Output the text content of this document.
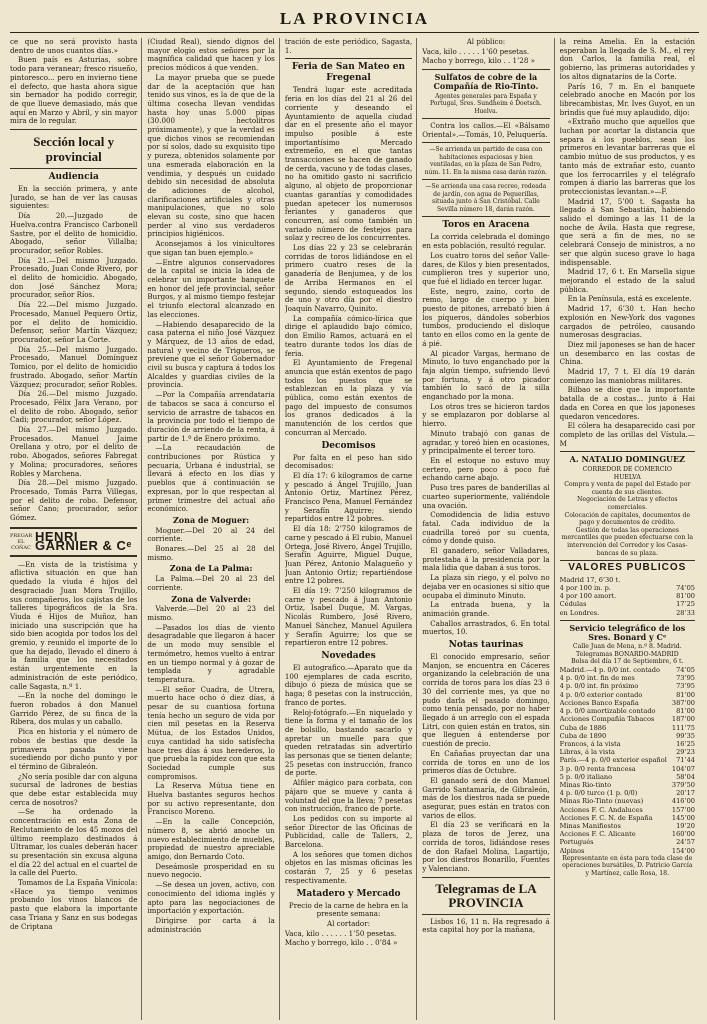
LA PROVINCIA

ce que no será provisto hasta dentro de unos cuantos días.»

Buen país es Asturias, sobre todo para veranear; fresco risueño, pintoresco... pero en invierno tiene el defecto, que hasta ahora sigue sin bernador ha podido corregir, de que llueve demasiado, más que aquí en Marzo y Abril, y sin mayor mira de lo regular.

Sección local y provincial
Audiencia

En la sección primera, y ante Jurado, se han de ver las causas siguientes:

Día 20.—Juzgado de Huelva.contra Francisco Carbonell Sastre, por el delito de homicidio. Abogado, señor Villalba; procurador, señor Robles.

Día 21.—Del mismo Juzgado. Procesado, Juan Conde Rivero, por el delito de homicidio. Abogado, don José Sánchez Mora; procurador, señor Ríos.

Día 22.—Del mismo Juzgado. Procesado, Manuel Pequero Ortiz, por el delito de homicidio. Defensor, señor Martín Vázquez; procurador, señor La Corte.

Día 25.—Del mismo Juzgado. Procesado, Manuel Domínguez Tomico, por el delito de homicidio frustrado. Abogado, señor Martín Vázquez; procurador, señor Robles.

Día 26.—Del mismo Juzgado. Procesado, Félix Jara Verano, por el delito de robo. Abogado, señor Cadi; procurador, señor López.

Día 27.—Del mismo Juzgado. Procesados. Manuel Jaime Orellana y otro, por el delito de robo. Abogados, señores Fabregat y Molina; procuradores, señores Robles y Marchena.

Día 28.—Del mismo Juzgado. Procesado, Tomás Parra Villegas, por el delito de robo. Defensor, señor Cano; procurador, señor Gómez.

PREGAR EL COÑAC
HENRI GARNIER & Cᵉ

—En vista de la tristísima y aflictiva situación en que han quedado la viuda é hijos del desgraciado Juan Mora Trujillo, sus compañeros, los cajistas de los talleres tipográficos de la Sra. Viuda é Hijos de Muñoz, han iniciado una suscripción que ha sido bien acogida por todos los del gremio, y reunido el importe de lo que ha dejado, llevado el dinero á la familia que los necesitados están urgentemente en la administración de este periódico, calle Sagasta, n.º 1.

—En la noche del domingo le fueron robados á don Manuel Garrido Pérez, de su finca de la Ribera, dos mulas y un caballo.

Pica en historia y el número de robos de bestias que desde la primavera pasada viene sucediendo por dicho punto y por el término de Gibraleón.

¿No sería posible dar con alguna sucursal de ladrones de bestias que debe estar establecida muy cerca de nosotros?

—Se ha ordenado la concentración en esta Zona de Reclutamiento de los 45 mozos del último reemplazo destinados á Ultramar, los cuales deberán hacer su presentación sin excusa alguna el día 22 del actual en el cuartel de la calle del Puerto.

Tomamos de La España Vinícola: «Hace ya tiempo venimos probando los vinos blancos de pasto que elabora la importante casa Triana y Sanz en sus bodegas de Criptana

(Ciudad Real), siendo dignos del mayor elogio estos señores por la magnífica calidad que hacen y los precios módicos á que venden.

La mayor prueba que se puede dar de la aceptación que han tenido sus vinos, es la de que de la última cosecha llevan vendidas hasta hoy unas 5.000 pipas (30.000 hectolitros próximamente), y que la verdad es que dichos vinos se recomiendan por sí solos, dado su exquisito tipo y pureza, obtenidos solamente por una esmerada elaboración en la vendimia, y después un cuidado debido sin necesidad de absoluta de adiciones de alcohol, clarificaciones artificiales y otras manipulaciones, que no solo elevan su coste, sino que hacen perder al vino sus verdaderos principios higiénicos.

Aconsejamos á los vinicultores que sigan tan buen ejemplo.»

—Entre algunos conservadores de la capital se inicia la idea de celebrar un importante banquete en honor del jefe provincial, señor Burgos, y al mismo tiempo festejar el triunfo electoral alcanzado en las elecciones.

—Habiendo desaparecido de la casa paterna el niño José Vázquez y Márquez, de 13 años de edad, natural y vecino de Trigueros, se previene que el señor Gobernador civil su busca y captura á todos los Alcaldes y guardias civiles de la provincia.

—Por la Compañía arrendataria de tabacos se saca á concurso el servicio de arrastre de tabacos en la provincia por todo el tiempo de duración de arriendo de la renta, á partir de 1.º de Enero próximo.

—La recaudación de contribuciones por Rústica y pecuaria, Urbana é industrial, se llevará á efecto en los días y pueblos que á continuación se expresan, por lo que respectan al primer trimestre del actual año económico.

Zona de Moguer:

Moguer.—Del 20 al 24 del corriente.

Bonares.—Del 25 al 28 del mismo.

Zona de La Palma:

La Palma.—Del 20 al 23 del corriente.

Zona de Valverde:

Valverde.—Del 20 al 23 del mismo.

—Pasados los días de viento desagradable que llegaron á hacer de un modo muy sensible el termómetro, hemos vuelto á entrar en un tiempo normal y á gozar de templada y agradable temperatura.

—El señor Cuadra, de Utrera, muerto hace ocho ó diez días, á pesar de su cuantiosa fortuna tenía hecho un seguro de vida por cien mil pesetas en la Reserva Mútua, de los Estados Unidos, cuya cantidad ha sido satisfecha hace tres días á sus herederos, lo que prueba la rapidez con que esta Sociedad cumple sus compromisos.

La Reserva Mútua tiene en Huelva bastantes seguros hechos por su activo representante, don Francisco Moreno.

—En la calle Concepción, número 8, se abrió anoche un nuevo establecimiento de muebles, propiedad de nuestro apreciable amigo, don Bernardo Coto.

Deseámosle prosperidad en su nuevo negocio.

—Se desea un joven, activo, con conocimiento del idioma inglés y apto para las negociaciones de importación y exportación.

Dirigirse por carta á la administración

tración de este periódico, Sagasta, 1.

Feria de San Mateo en Fregenal

Tendrá lugar este acreditada feria en los días del 21 al 26 del corriente y deseando el Ayuntamiento de aquella ciudad dar en el presente año el mayor impulso posible á este importantísimo Mercado extremeño, en el que tantas transacciones se hacen de ganado de cerda, vacuno y de todas clases, no ha omitido gasto ni sacrificio alguno, al objeto de proporcionar cuantas garantías y comodidades puedan apetecer los numerosos feriantes y ganaderos que concurren, así como también un variado número de festejos para solaz y recreo de los concurrentes.

Los días 22 y 23 se celebrarán corridas de toros lidiándose en el primero cuatro reses de la ganadería de Benjumea, y de los de Arriba Hermanos en el segundo, siendo estoqueados los de uno y otro día por el diestro Joaquín Navarro, Quinito.

La compañía cómico-lírica que dirige el aplaudido bajo cómico, don Emilio Ramos, actuará en el teatro durante todos los días de feria.

El Ayuntamiento de Fregenal anuncia que están exentos de pago todos los puestos que se establezcan en la plaza y vía pública, como están exentos de pago del impuesto de consumos los granos dedicados á la manutención de los cerdos que concurran al Mercado.

Decomisos

Por falta en el peso han sido decomisados:

El día 17: 6 kilogramos de carne y pescado á Ángel Trujillo, Juan Antonio Ortiz, Martínez Pérez, Francisco Pena, Manuel Fernández y Serafín Aguirre; siendo repartidos entre 12 pobres.

El día 18: 2’750 kilogramos de carne y pescado á El rubio, Manuel Ortega, José Rivero, Ángel Trujillo, Serafín Aguirre, Miguel Duque, Juan Pérez, Antonio Malagueño y Juan Antonio Ortiz; repartiéndose entre 12 pobres.

El día 19: 7’250 kilogramos de carne y pescado á Juan Antonio Ortiz, Isabel Duque, M. Vargas, Nicolás Rumbero, José Rivero, Manuel Sánchez, Manuel Aguilera y Serafín Aguirre; los que se repartieron entre 12 pobres.

Novedades

El autografico.—Aparato que da 100 ejemplares de cada escrito, dibujo ó pieza de música que se haga; 8 pesetas con la instrucción, franco de portes.

Reloj-fotógrafo.—En niquelado y tiene la forma y el tamaño de los de bolsillo, bastando sacarlo y apretar un muelle para que queden retratadas sin advertirlo las personas que se tienen delante; 25 pesetas con instrucción, franco de porte.

Alfiler mágico para corbata, con pájaro que se mueve y canta á voluntad del que la lleva; 7 pesetas con instrucción, franco de porte.

Los pedidos con su importe al señor Director de las Oficinas de Publicidad, calle de Tallers, 2, Barcelona.

A los señores que tomen dichos objetos en las mismas oficinas les costarán 7, 25 y 6 pesetas respectivamente.

Matadero y Mercado

Precio de la carne de hebra en la presente semana:

Al cortador:

Vaca, kilo . . . . . . 1’50 pesetas.

Macho y borrego, kilo . . 0’84 »

Al público:

Vaca, kilo . . . . . 1’60 pesetas.

Macho y borrego, kilo . . 1’28 »

Sulfatos de cobre de la Compañía de Rio-Tinto.
Agentes generales para España y Portugal, Sres. Sundheim é Doetsch. Huelva.

Contra los callos.—El «Bálsamo Oriental».—Tomás, 10, Peluquería.

—Se arrienda un partido de casa con habitaciones espaciosas y bien ventiladas, en la plaza de San Pedro, núm. 11. En la misma casa darán razón.
—Se arrienda una casa recreo, rodeada de jardín, con agua de Peguerillas, situada junto á San Cristóbal. Calle Sevilla número 18, darán razón.
Toros en Aracena

La corrida celebrada el domingo en esta población, resultó regular.

Los cuatro toros del señor Valle-dares, de Kilos y bien presentados, cumplieron tres y superior uno, que fué el lidiado en tercer lugar.

Este, negro, zaino, corto de remo, largo de cuerpo y bien puesto de pitones, arrebató bien á los piqueros, dándoles soberbios tumbos, produciendo el disloque tanto en ellos como en la gente de á pié.

Al picador Vargas, hermano de Minuto, lo tuvo enganchado por la faja algún tiempo, sufriendo llevó por fortuna, y á otro picador también lo sacó de la silla enganchado por la mona.

Los otros tres se hicieron tardos y se emplazaron por doblarse al hierro.

Minuto trabajó con ganas de agradar, y toreó bien en ocasiones, y principalmente el tercer toro.

En el estoque no estuvo muy certero, pero poco á poco fué echando carne abajo.

Puso tres pares de banderillas al cuarteo superiormente, valiéndole una ovación.

Comodidencia de lidia estuvo fatal. Cada individuo de la cuadrilla toreó por su cuenta, cómo y donde quiso.

El ganadero, señor Valladares, protestaba á la presidencia por la mala lidia que daban á sus toros.

La plaza sin riego, y el polvo no dejaba ver en ocasiones si sitio que ocupaba el diminuto Minuto.

La entrada buena, y la animación grande.

Caballos arrastrados, 6. En total muertos, 10.

Notas taurinas

El conocido empresario, señor Manjon, se encuentra en Cáceres organizando la celebración de una corrida de toros para los días 23 ó 30 del corriente mes, ya que no pudo darla el pasado domingo, como tenía pensado, por no haber llegado á un arreglo con el espada Litri, con quien están en tratos, sin que lleguen á entenderse por cuestión de precio.

En Cañañas proyectan dar una corrida de toros en uno de los primeros días de Octubre.

El ganado será de don Manuel Garrido Santamaría, de Gibraleón, más de los diestros nada se puede asegurar, pues están en tratos con varios de ellos.

El día 23 se verificará en la plaza de toros de Jerez, una corrida de toros, lidiándose reses de don Rafael Molina, Lagartijo, por los diestros Bonarillo, Fuentes y Valenciano.

Telegramas de LA PROVINCIA

Lisbos 16, 11 n. Ha regresado á esta capital hoy por la mañana,

la reina Amelia. En la estación esperaban la llegada de S. M., el rey don Carlos, la familia real, el gobierno, las primeras autoridades y los altos dignatarios de la Corte.

París 16, 7 m. En el banquete celebrado anoche en Macón por los librecambistas, Mr. Ives Guyot, en un brindis que fué muy aplaudido, dijo:

«Extraño mucho que aquellos que luchan por acortar la distancia que separa á los pueblos, sean los primeros en levantar barreras que el cambio mútuo de sus productos, y es tanto más de extrañar esto, cuanto que los ferrocarriles y el telégrafo rompen á diario las barreras que los proteccionistas levantan.»—F.

Madrid 17, 5’00 t. Sagasta ha llegado á San Sebastián, habiendo salido el domingo a las 11 de la noche de Ávila. Hasta que regrese, que será a fin de mes, no se celebrará Consejo de ministros, a no ser que algún suceso grave lo haga indispensable.

Madrid 17, 6 t. En Marsella sigue mejorando el estado de la salud pública.

En la Península, está es excelente.

Madrid 17, 6’30 t. Han hecho explosión en New-York dos vagones cargados de petróleo, causando numerosas desgracias.

Diez mil japoneses se han de hacer un desembarco en las costas de China.

Madrid 17, 7 t. El día 19 darán comienzo las maniobras militares.

Bilbao se dice que la importante batalla de a costas... junto á Hai dada en Corea en que los japoneses quedaron vencedores.

El cólera ha desaparecido casi por completo de las orillas del Vístula.—M

A. NATALIO DOMINGUEZ
CORREDOR DE COMERCIO
HUELVA
Compra y venta de papel del Estado por cuenta de sus clientes.
Negociación de Letras y efectos comerciales.
Colocación de capitales, documentos de pago y documentos de crédito.
Gestión de todas las operaciones mercantiles que pueden efectuarse con la intervención del Corredor y los Casas-bancas de su plaza.
VALORES PUBLICOS
Madrid 17, 6’30 t.
4 por 100 in. p.	74’05
4 por 100 amort.	81’00
Cédulas	17’25
en Londres.	28’33
Servicio telegráfico de los Sres. Bonard y Cᵉ
Calle Juan de Mena, n.º 8. Madrid. Telegramas BONARDO-MADRID
Bolsa del día 17 de Septiembre, 6 t.
Madrid.—4 p. 0/0 int. contado 74’05
4 p. 0/0 int. fin de mes	73’95
4 p. 0/0 int. fin próximo	73’95
4 p. 0/0 exterior contado	81’00
Acciones Banco España	387’00
4 p. 0/0 amortizable contado	81’00
Acciones Compañía Tabacos	187’00
Cuba de 1886	111’75
Cuba de 1890	99’35
Francos, á la vista	16’25
Libras, á la vista	29’23
París.—4 p. 0/0 exterior español 71’44
3 p. 0/0 renta francesa	104’07
5 p. 0/0 italiano	58’04
Minas Rio-tinto	379’50
4 p. 0/0 turco (1 p. 0/0)	20’17
Minas Rio-Tinto (nuevas)	416’00
Acciones F. C. Andaluces	157’00
Acciones F. C. N. de España	145’00
Minas Manifiestos	19’20
Acciones F. C. Alicante	160’00
Portugués	24’57
Alpinos	154’00
Representante en ésta para toda clase de operaciones bursátiles, D. Patricio García y Martínez, calle Rosa, 18.
